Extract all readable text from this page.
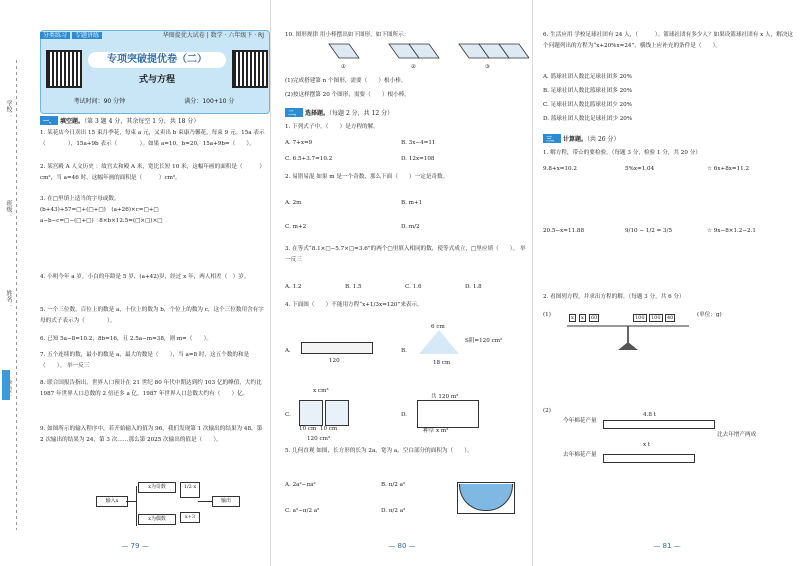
学校：
班级：
姓名：
分类练习 专题讲练	华图提优大试卷 | 数学 · 六年级下 · RJ
专项突破提优卷（二）
式与方程
考试时间：90 分钟	满分：100+10 分
一、 填空题。（第 3 题 4 分，其余每空 1 分，共 18 分）
1. 某花店今日卖出 15 束月季花，每束 a 元，又卖出 b 束康乃馨花，每束 9 元。15a 表示（　　　　），15a+9b 表示（　　　　）。如果 a=10，b=20，15a+9b=（　　）。
2. 某宫殿 A 人文历史 ：故宫太和殿 A 米，宽比长短 10 米，这幅年画的面积是（　　　）cm²，当 a=46 时，这幅年画的面积是（　　　）cm²。
3. 在□里填上适当的字母或数。
(b+43)+57=□+(□+□)　(a+26)×c=□+□
a−b−c=□−(□+□)　8×b×12.5=(□×□)×□
4. 小明今年 a 岁，小白的年龄是 5 岁，(a+42)岁，经过 x 年，两人相差（　）岁。
5. 一个三位数，百位上的数是 a，十位上的数为 b，个位上的数为 c，这个三位数用含有字母的式子表示为（　　　　）。
6. 已知 5a−8=10.2，8b=16，且 2.5a−m=38，则 m=（　　）。
7. 五个连续的数，最小的数是 a，最大的数是（　　），当 a=8 时，这五个数的和是（　　）。 举一反三
8. 联合国报告指出，世界人口预计在 21 世纪 80 年代中期达到约 103 亿的峰值，大约比 1987 年世界人口总数的 2 倍还多 a 亿。1987 年世界人口总数大约有（　　）亿。
9. 如图所示的输入程序中，若开始输入的值为 96，我们发现第 1 次输出的结果为 48，第 2 次输出的结果为 24，第 3 次……那么第 2025 次输出的值是（　　）。
输入x
x为奇数
x为偶数
1/2 x
x+3
输出
— 79 —
10. 图形规律 用小棒摆出如下图形，如下图所示：
①	②	③
(1)完成搭建第 n 个图形，需要（　　）根小棒。
(2)按这样摆第 20 个图形，需要（　　）根小棒。
二、 选择题。（每题 2 分，共 12 分）
1. 下列式子中，（　　）是方程的解。
A. 7+x=9	B. 3x−4=11
C. 6.5+3.7=10.2	D. 12x=108
2. 易错易混 如果 m 是一个奇数，那么下面（　　）一定是奇数。
A. 2m	B. m+1
C. m+2	D. m/2
3. 在等式“8.1×□−5.7×□=3.6”的两个□里填入相同的数，使等式成立，□里应填（　　）。 举一反三
A. 1.2	B. 1.5	C. 1.6	D. 1.8
4. 下面图（　　）不能用方程“x+1/3x=120”来表示。
A.
120
B.
6 cm
S阴=120 cm²
18 cm
C.
x cm³
10 cm  10 cm
120 cm³
D.
共 120 m²
种草 x m²
5. 几何直观 如图，长方形的长为 2a，宽为 a，空白部分的面积为（　　）。
A. 2a²−πa²	B. π/2 a²
C. a²−π/2 a²	D. π/2 a²
— 80 —
6. 生活应用 学校足球社团有 24 人，（　　　）。篮球社团有多少人？如果设篮球社团有 x 人，解决这个问题列出的方程为“x+20%x=24”，横线上应补充的条件是（　　）。
A. 篮球社团人数比足球社团多 20%
B. 足球社团人数比篮球社团多 20%
C. 足球社团人数比篮球社团少 20%
D. 篮球社团人数比足球社团少 20%
三、 计算题。（共 26 分）
1. 解方程，带☆的要检验。（每题 3 分，检验 1 分，共 20 分）
9.8+x=10.2	5%x=1.04	☆ 6x+8x=11.2
20.5−x=11.88	9/10 − 1/2 = 3/5	☆ 9x−8×1.2−2.1
2. 看图列方程，并求出方程的解。（每题 3 分，共 6 分）
(1)	x	x	60	100	100	40	(单位：g)
(2)
4.8 t
今年棉花产量
比去年增产两成
x t
去年棉花产量
— 81 —
